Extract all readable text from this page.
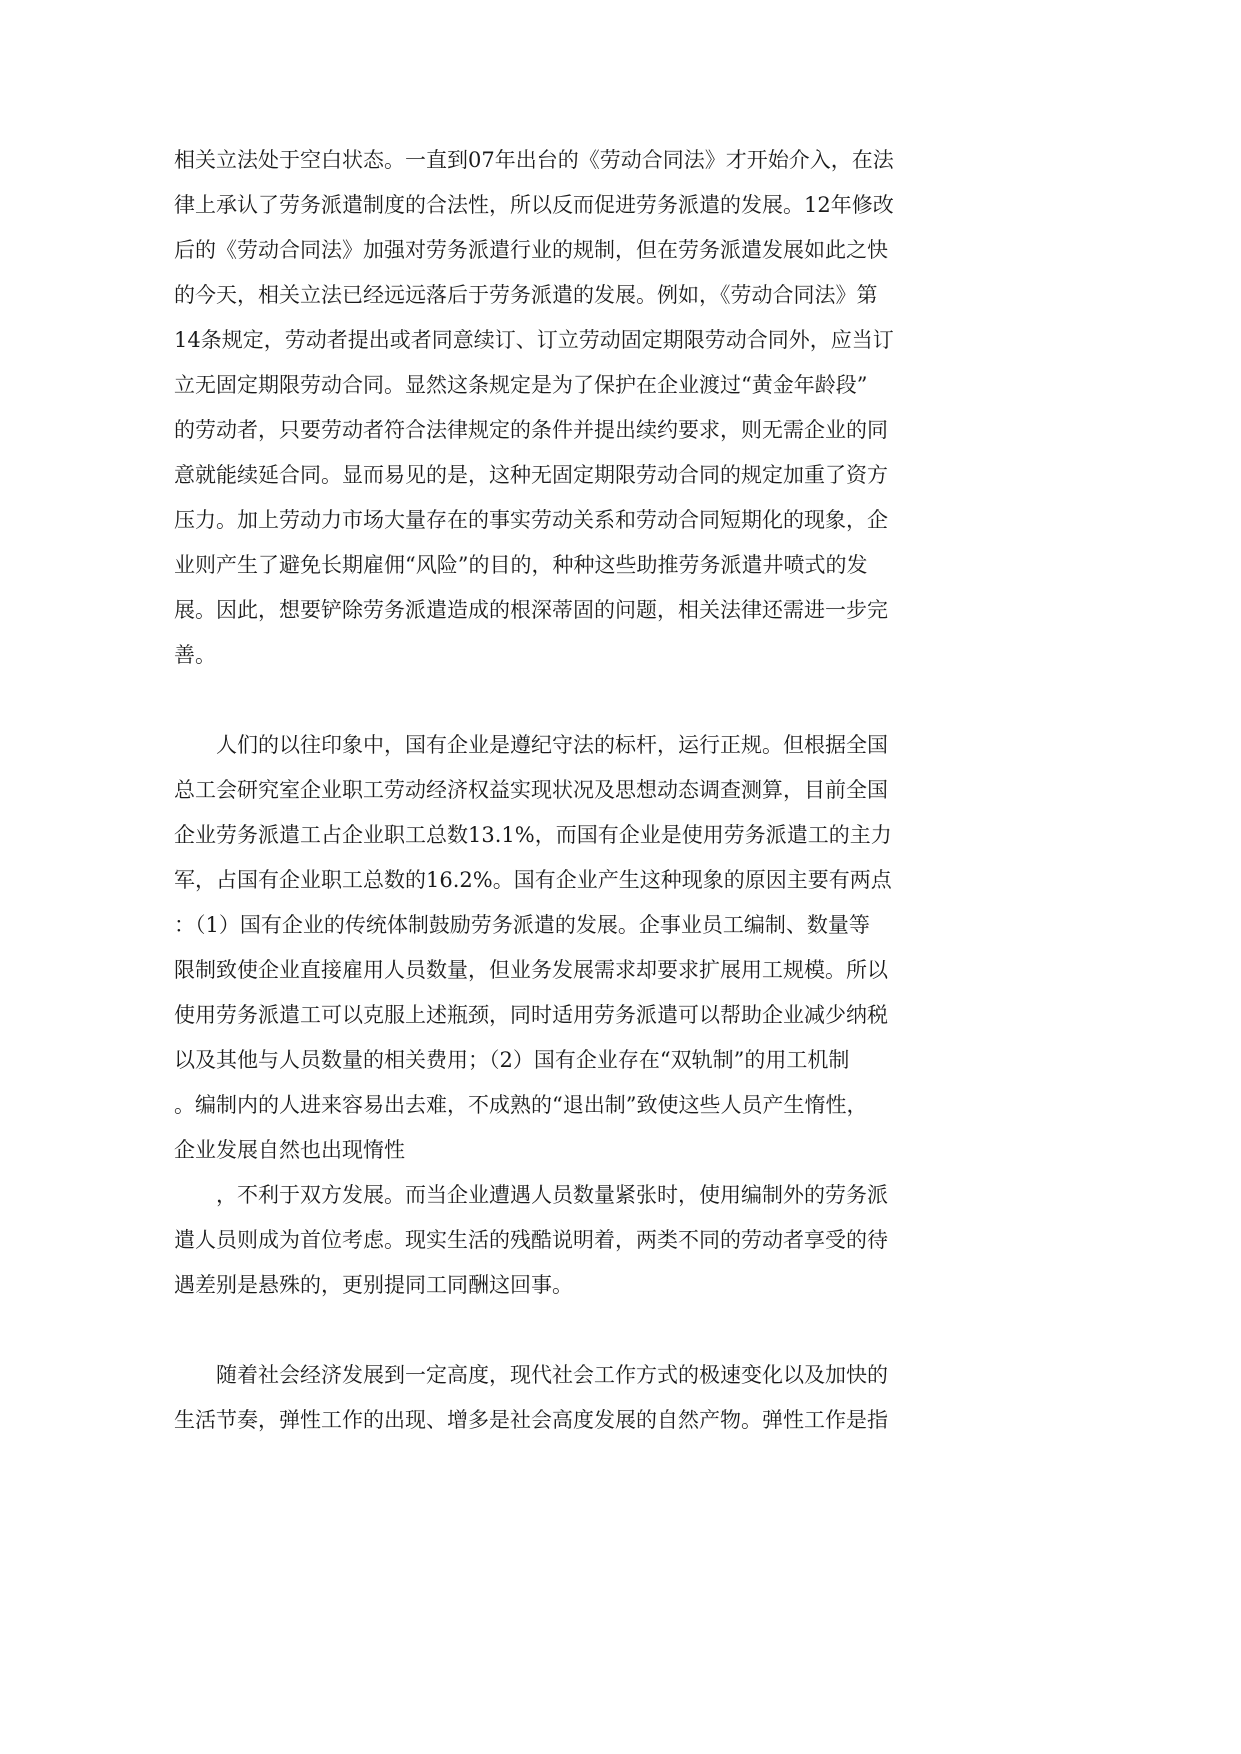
相关立法处于空白状态。一直到07年出台的《劳动合同法》才开始介入，在法

律上承认了劳务派遣制度的合法性，所以反而促进劳务派遣的发展。12年修改

后的《劳动合同法》加强对劳务派遣行业的规制，但在劳务派遣发展如此之快

的今天，相关立法已经远远落后于劳务派遣的发展。例如，《劳动合同法》第

14条规定，劳动者提出或者同意续订、订立劳动固定期限劳动合同外，应当订

立无固定期限劳动合同。显然这条规定是为了保护在企业渡过“黄金年龄段”

的劳动者，只要劳动者符合法律规定的条件并提出续约要求，则无需企业的同

意就能续延合同。显而易见的是，这种无固定期限劳动合同的规定加重了资方

压力。加上劳动力市场大量存在的事实劳动关系和劳动合同短期化的现象，企

业则产生了避免长期雇佣“风险”的目的，种种这些助推劳务派遣井喷式的发

展。因此，想要铲除劳务派遣造成的根深蒂固的问题，相关法律还需进一步完

善。

人们的以往印象中，国有企业是遵纪守法的标杆，运行正规。但根据全国

总工会研究室企业职工劳动经济权益实现状况及思想动态调查测算，目前全国

企业劳务派遣工占企业职工总数13.1%，而国有企业是使用劳务派遣工的主力

军，占国有企业职工总数的16.2%。国有企业产生这种现象的原因主要有两点

：（1）国有企业的传统体制鼓励劳务派遣的发展。企事业员工编制、数量等

限制致使企业直接雇用人员数量，但业务发展需求却要求扩展用工规模。所以

使用劳务派遣工可以克服上述瓶颈，同时适用劳务派遣可以帮助企业减少纳税

以及其他与人员数量的相关费用；（2）国有企业存在“双轨制”的用工机制

。编制内的人进来容易出去难，不成熟的“退出制”致使这些人员产生惰性，

企业发展自然也出现惰性

，不利于双方发展。而当企业遭遇人员数量紧张时，使用编制外的劳务派

遣人员则成为首位考虑。现实生活的残酷说明着，两类不同的劳动者享受的待

遇差别是悬殊的，更别提同工同酬这回事。

随着社会经济发展到一定高度，现代社会工作方式的极速变化以及加快的

生活节奏，弹性工作的出现、增多是社会高度发展的自然产物。弹性工作是指
